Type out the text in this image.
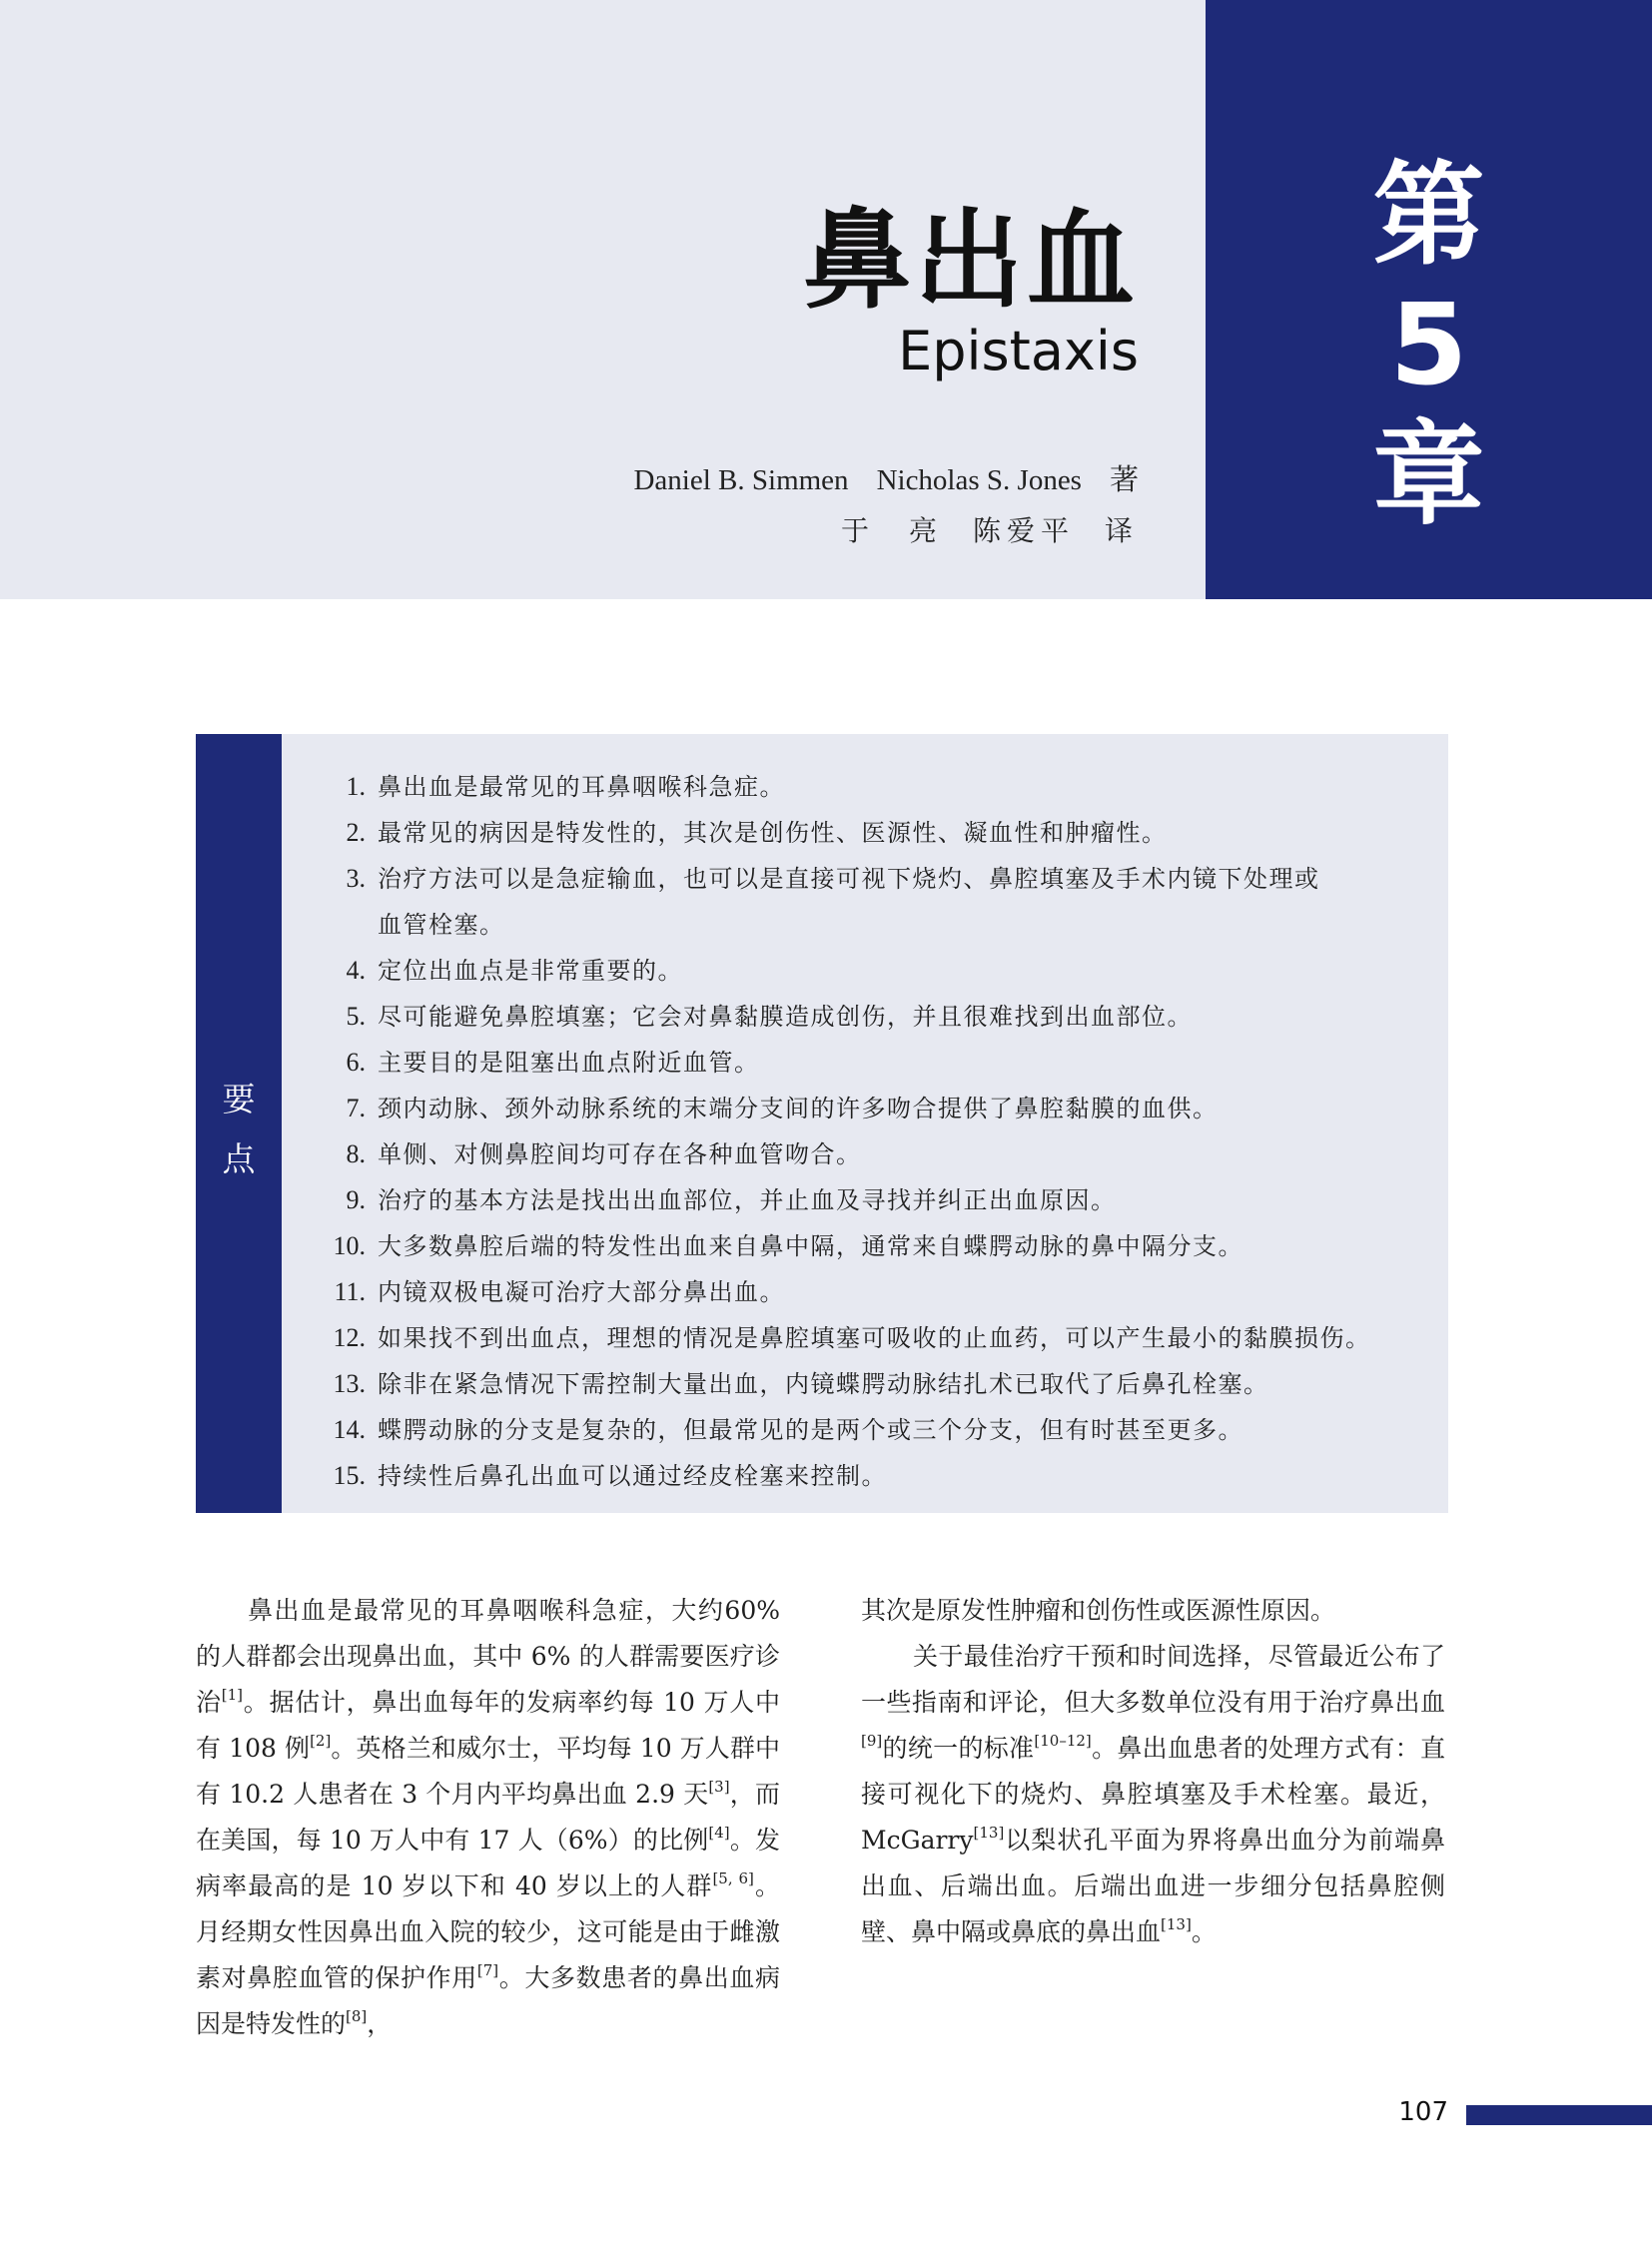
第
5
章
鼻出血
Epistaxis
Daniel B. Simmen Nicholas S. Jones 著
于　亮 陈爱平 译
要
点
1. 鼻出血是最常见的耳鼻咽喉科急症。
2. 最常见的病因是特发性的，其次是创伤性、医源性、凝血性和肿瘤性。
3. 治疗方法可以是急症输血，也可以是直接可视下烧灼、鼻腔填塞及手术内镜下处理或
血管栓塞。
4. 定位出血点是非常重要的。
5. 尽可能避免鼻腔填塞；它会对鼻黏膜造成创伤，并且很难找到出血部位。
6. 主要目的是阻塞出血点附近血管。
7. 颈内动脉、颈外动脉系统的末端分支间的许多吻合提供了鼻腔黏膜的血供。
8. 单侧、对侧鼻腔间均可存在各种血管吻合。
9. 治疗的基本方法是找出出血部位，并止血及寻找并纠正出血原因。
10. 大多数鼻腔后端的特发性出血来自鼻中隔，通常来自蝶腭动脉的鼻中隔分支。
11. 内镜双极电凝可治疗大部分鼻出血。
12. 如果找不到出血点，理想的情况是鼻腔填塞可吸收的止血药，可以产生最小的黏膜损伤。
13. 除非在紧急情况下需控制大量出血，内镜蝶腭动脉结扎术已取代了后鼻孔栓塞。
14. 蝶腭动脉的分支是复杂的，但最常见的是两个或三个分支，但有时甚至更多。
15. 持续性后鼻孔出血可以通过经皮栓塞来控制。

鼻出血是最常见的耳鼻咽喉科急症，大约60% 的人群都会出现鼻出血，其中 6% 的人群需要医疗诊治[1]。据估计，鼻出血每年的发病率约每 10 万人中有 108 例[2]。英格兰和威尔士，平均每 10 万人群中有 10.2 人患者在 3 个月内平均鼻出血 2.9 天[3]，而在美国，每 10 万人中有 17 人（6%）的比例[4]。发病率最高的是 10 岁以下和 40 岁以上的人群[5, 6]。月经期女性因鼻出血入院的较少，这可能是由于雌激素对鼻腔血管的保护作用[7]。大多数患者的鼻出血病因是特发性的[8]，

其次是原发性肿瘤和创伤性或医源性原因。

关于最佳治疗干预和时间选择，尽管最近公布了一些指南和评论，但大多数单位没有用于治疗鼻出血[9]的统一的标准[10–12]。鼻出血患者的处理方式有：直接可视化下的烧灼、鼻腔填塞及手术栓塞。最近，McGarry[13]以梨状孔平面为界将鼻出血分为前端鼻出血、后端出血。后端出血进一步细分包括鼻腔侧壁、鼻中隔或鼻底的鼻出血[13]。

107
